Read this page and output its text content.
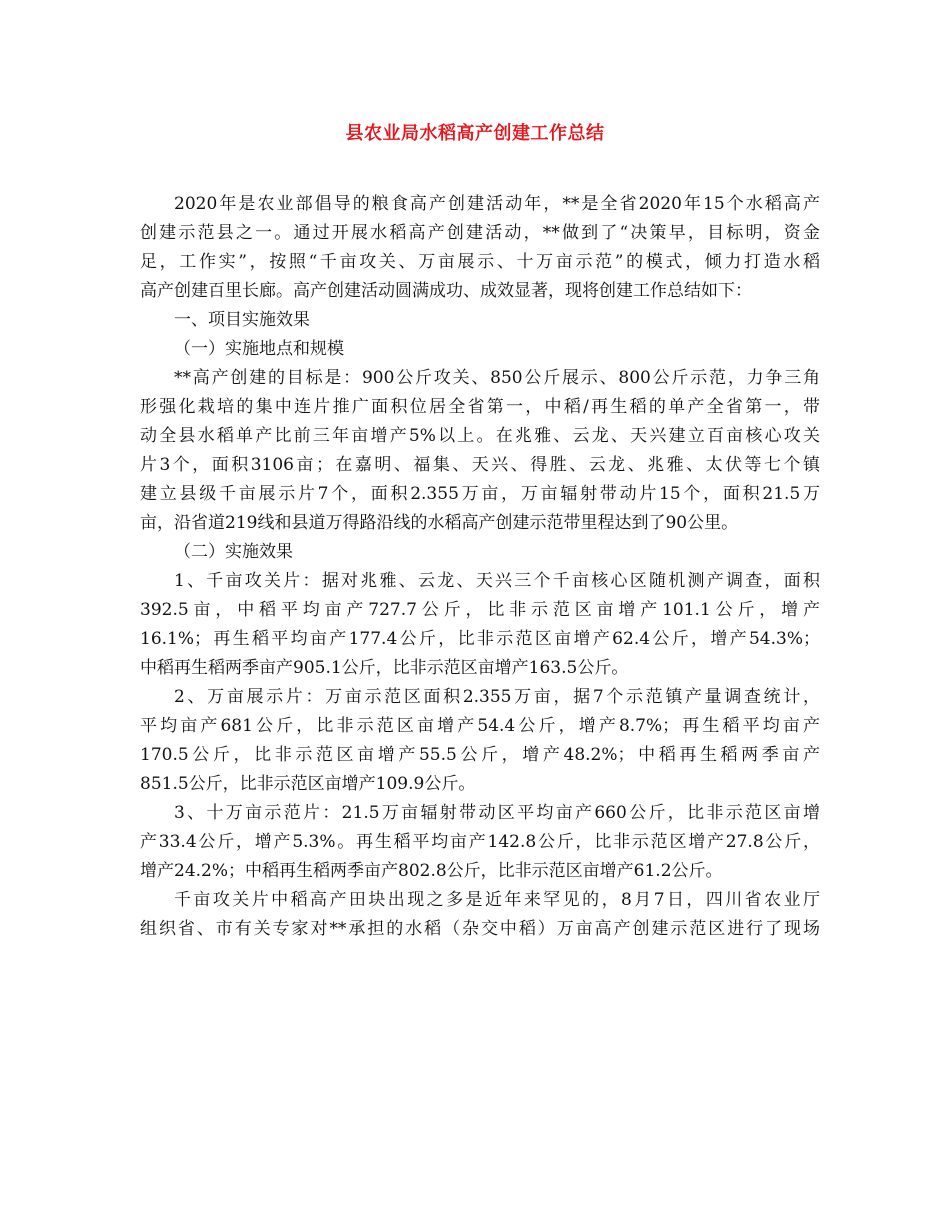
县农业局水稻高产创建工作总结
2020年是农业部倡导的粮食高产创建活动年，**是全省2020年15个水稻高产
创建示范县之一。通过开展水稻高产创建活动，**做到了“决策早，目标明，资金
足，工作实”，按照“千亩攻关、万亩展示、十万亩示范”的模式，倾力打造水稻
高产创建百里长廊。高产创建活动圆满成功、成效显著，现将创建工作总结如下：
一、项目实施效果
（一）实施地点和规模
**高产创建的目标是：900公斤攻关、850公斤展示、800公斤示范，力争三角
形强化栽培的集中连片推广面积位居全省第一，中稻/再生稻的单产全省第一，带
动全县水稻单产比前三年亩增产5%以上。在兆雅、云龙、天兴建立百亩核心攻关
片3个，面积3106亩；在嘉明、福集、天兴、得胜、云龙、兆雅、太伏等七个镇
建立县级千亩展示片7个，面积2.355万亩，万亩辐射带动片15个，面积21.5万
亩，沿省道219线和县道万得路沿线的水稻高产创建示范带里程达到了90公里。
（二）实施效果
1、千亩攻关片：据对兆雅、云龙、天兴三个千亩核心区随机测产调查，面积
392.5亩，中稻平均亩产727.7公斤，比非示范区亩增产101.1公斤，增产
16.1%；再生稻平均亩产177.4公斤，比非示范区亩增产62.4公斤，增产54.3%；
中稻再生稻两季亩产905.1公斤，比非示范区亩增产163.5公斤。
2、万亩展示片：万亩示范区面积2.355万亩，据7个示范镇产量调查统计，
平均亩产681公斤，比非示范区亩增产54.4公斤，增产8.7%；再生稻平均亩产
170.5公斤，比非示范区亩增产55.5公斤，增产48.2%；中稻再生稻两季亩产
851.5公斤，比非示范区亩增产109.9公斤。
3、十万亩示范片：21.5万亩辐射带动区平均亩产660公斤，比非示范区亩增
产33.4公斤，增产5.3%。再生稻平均亩产142.8公斤，比非示范区增产27.8公斤，
增产24.2%；中稻再生稻两季亩产802.8公斤，比非示范区亩增产61.2公斤。
千亩攻关片中稻高产田块出现之多是近年来罕见的，8月7日，四川省农业厅
组织省、市有关专家对**承担的水稻（杂交中稻）万亩高产创建示范区进行了现场
